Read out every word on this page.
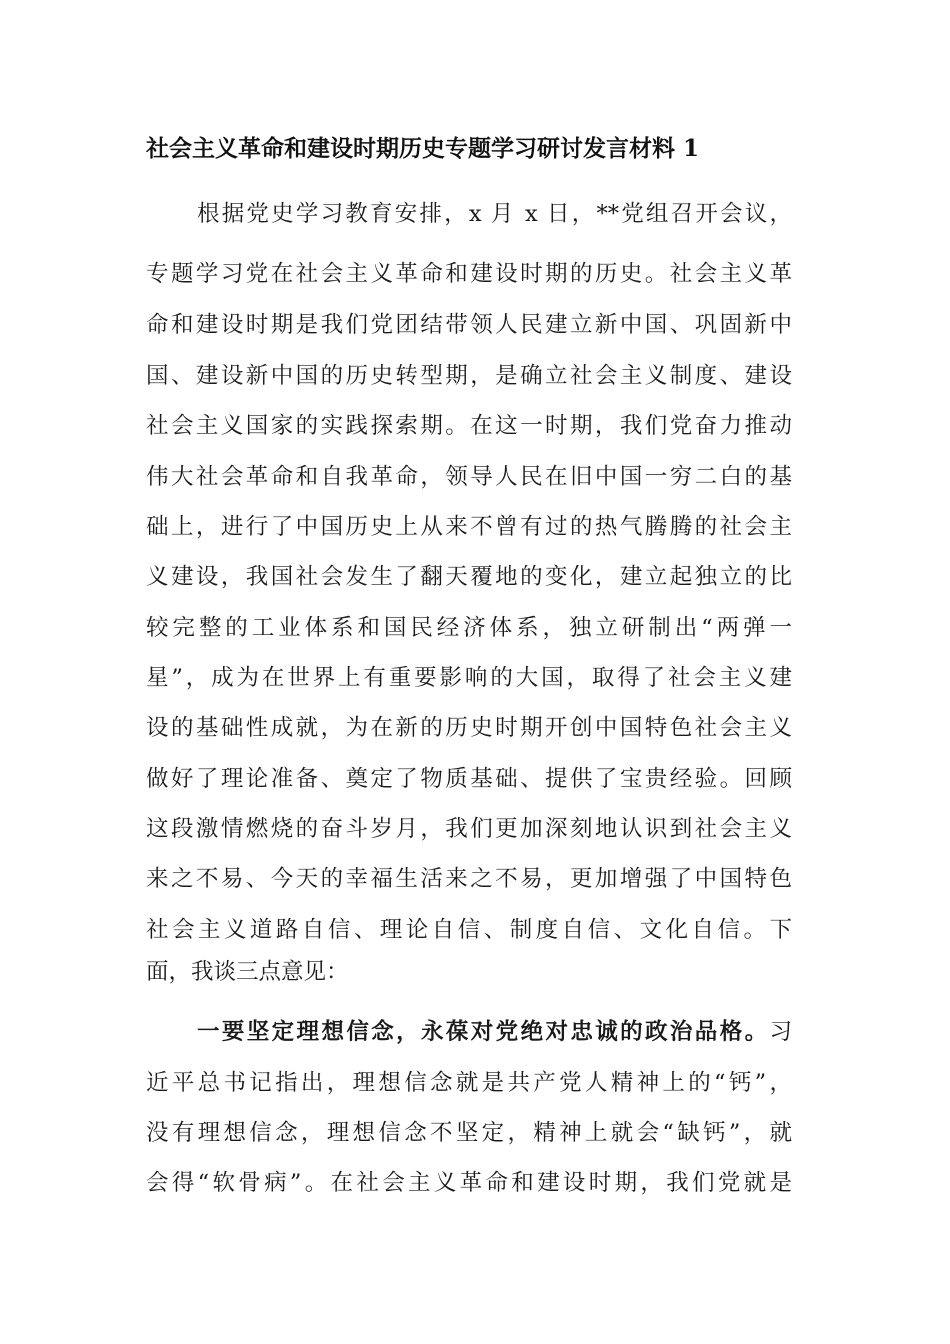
社会主义革命和建设时期历史专题学习研讨发言材料 1
根据党史学习教育安排，x 月 x 日，**党组召开会议，
专题学习党在社会主义革命和建设时期的历史。社会主义革
命和建设时期是我们党团结带领人民建立新中国、巩固新中
国、建设新中国的历史转型期，是确立社会主义制度、建设
社会主义国家的实践探索期。在这一时期，我们党奋力推动
伟大社会革命和自我革命，领导人民在旧中国一穷二白的基
础上，进行了中国历史上从来不曾有过的热气腾腾的社会主
义建设，我国社会发生了翻天覆地的变化，建立起独立的比
较完整的工业体系和国民经济体系，独立研制出“两弹一
星”，成为在世界上有重要影响的大国，取得了社会主义建
设的基础性成就，为在新的历史时期开创中国特色社会主义
做好了理论准备、奠定了物质基础、提供了宝贵经验。回顾
这段激情燃烧的奋斗岁月，我们更加深刻地认识到社会主义
来之不易、今天的幸福生活来之不易，更加增强了中国特色
社会主义道路自信、理论自信、制度自信、文化自信。下
面，我谈三点意见：
一要坚定理想信念，永葆对党绝对忠诚的政治品格。习
近平总书记指出，理想信念就是共产党人精神上的“钙”，
没有理想信念，理想信念不坚定，精神上就会“缺钙”，就
会得“软骨病”。在社会主义革命和建设时期，我们党就是
